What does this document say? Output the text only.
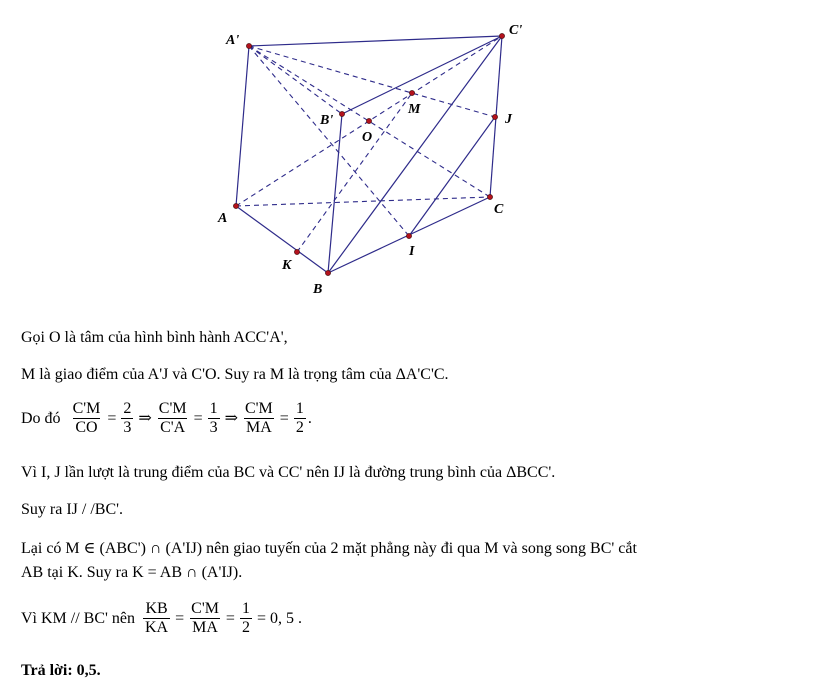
A'
C'
B'
M
O
J
A
C
K
I
B
Gọi O là tâm của hình bình hành ACC'A',
M là giao điểm của A'J và C'O. Suy ra M là trọng tâm của ΔA'C'C.
Do đó $\frac{C'M}{CO} = \frac{2}{3}$ ⇒ $\frac{C'M}{C'A} = \frac{1}{3}$ ⇒ $\frac{C'M}{MA} = \frac{1}{2}$ .
Vì I, J lần lượt là trung điểm của BC và CC' nên IJ là đường trung bình của ΔBCC'.
Suy ra IJ / /BC'.
Lại có M ∈ (ABC') ∩ (A'IJ) nên giao tuyến của 2 mặt phẳng này đi qua M và song song BC' cắt
AB tại K. Suy ra K = AB ∩ (A'IJ).
Vì KM // BC' nên $\frac{KB}{KA} = \frac{C'M}{MA} = \frac{1}{2} = 0$, 5 .
Trả lời: 0,5.
